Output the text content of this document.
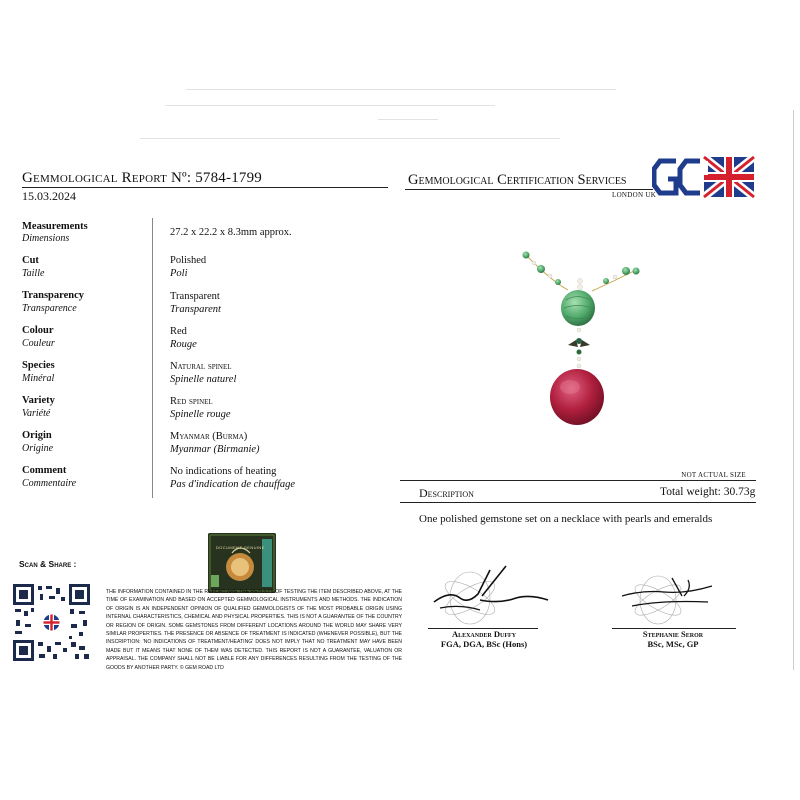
Gemmological Report Nº: 5784-1799
15.03.2024
Gemmological Certification Services
LONDON UK
Measurements
Dimensions
27.2 x 22.2 x 8.3mm approx.
Cut
Taille
Polished
Poli
Transparency
Transparence
Transparent
Transparent
Colour
Couleur
Red
Rouge
Species
Minéral
Natural spinel
Spinelle naturel
Variety
Variété
Red spinel
Spinelle rouge
Origin
Origine
Myanmar (Burma)
Myanmar (Birmanie)
Comment
Commentaire
No indications of heating
Pas d'indication de chauffage
NOT ACTUAL SIZE
Description	Total weight: 30.73g
One polished gemstone set on a necklace with pearls and emeralds
Scan & Share :
DOCUMENT GENUINE
THE INFORMATION CONTAINED IN THE REPORT ARE THE RESULTS OF TESTING THE ITEM DESCRIBED ABOVE, AT THE TIME OF EXAMINATION AND BASED ON ACCEPTED GEMMOLOGICAL INSTRUMENTS AND METHODS. THE INDICATION OF ORIGIN IS AN INDEPENDENT OPINION OF QUALIFIED GEMMOLOGISTS OF THE MOST PROBABLE ORIGIN USING INTERNAL CHARACTERISTICS, CHEMICAL AND PHYSICAL PROPERTIES. THIS IS NOT A GUARANTEE OF THE COUNTRY OR REGION OF ORIGIN. SOME GEMSTONES FROM DIFFERENT LOCATIONS AROUND THE WORLD MAY SHARE VERY SIMILAR PROPERTIES. THE PRESENCE OR ABSENCE OF TREATMENT IS INDICATED (WHENEVER POSSIBLE), BUT THE INSCRIPTION: 'NO INDICATIONS OF TREATMENT/HEATING' DOES NOT IMPLY THAT NO TREATMENT MAY HAVE BEEN MADE BUT IT MEANS THAT NONE OF THEM WAS DETECTED. THIS REPORT IS NOT A GUARANTEE, VALUATION OR APPRAISAL. THE COMPANY SHALL NOT BE LIABLE FOR ANY DIFFERENCES RESULTING FROM THE TESTING OF THE GOODS BY ANOTHER PARTY. © GEM ROAD LTD
Alexander Duffy
FGA, DGA, BSc (Hons)
Stephanie Seror
BSc, MSc, GP
